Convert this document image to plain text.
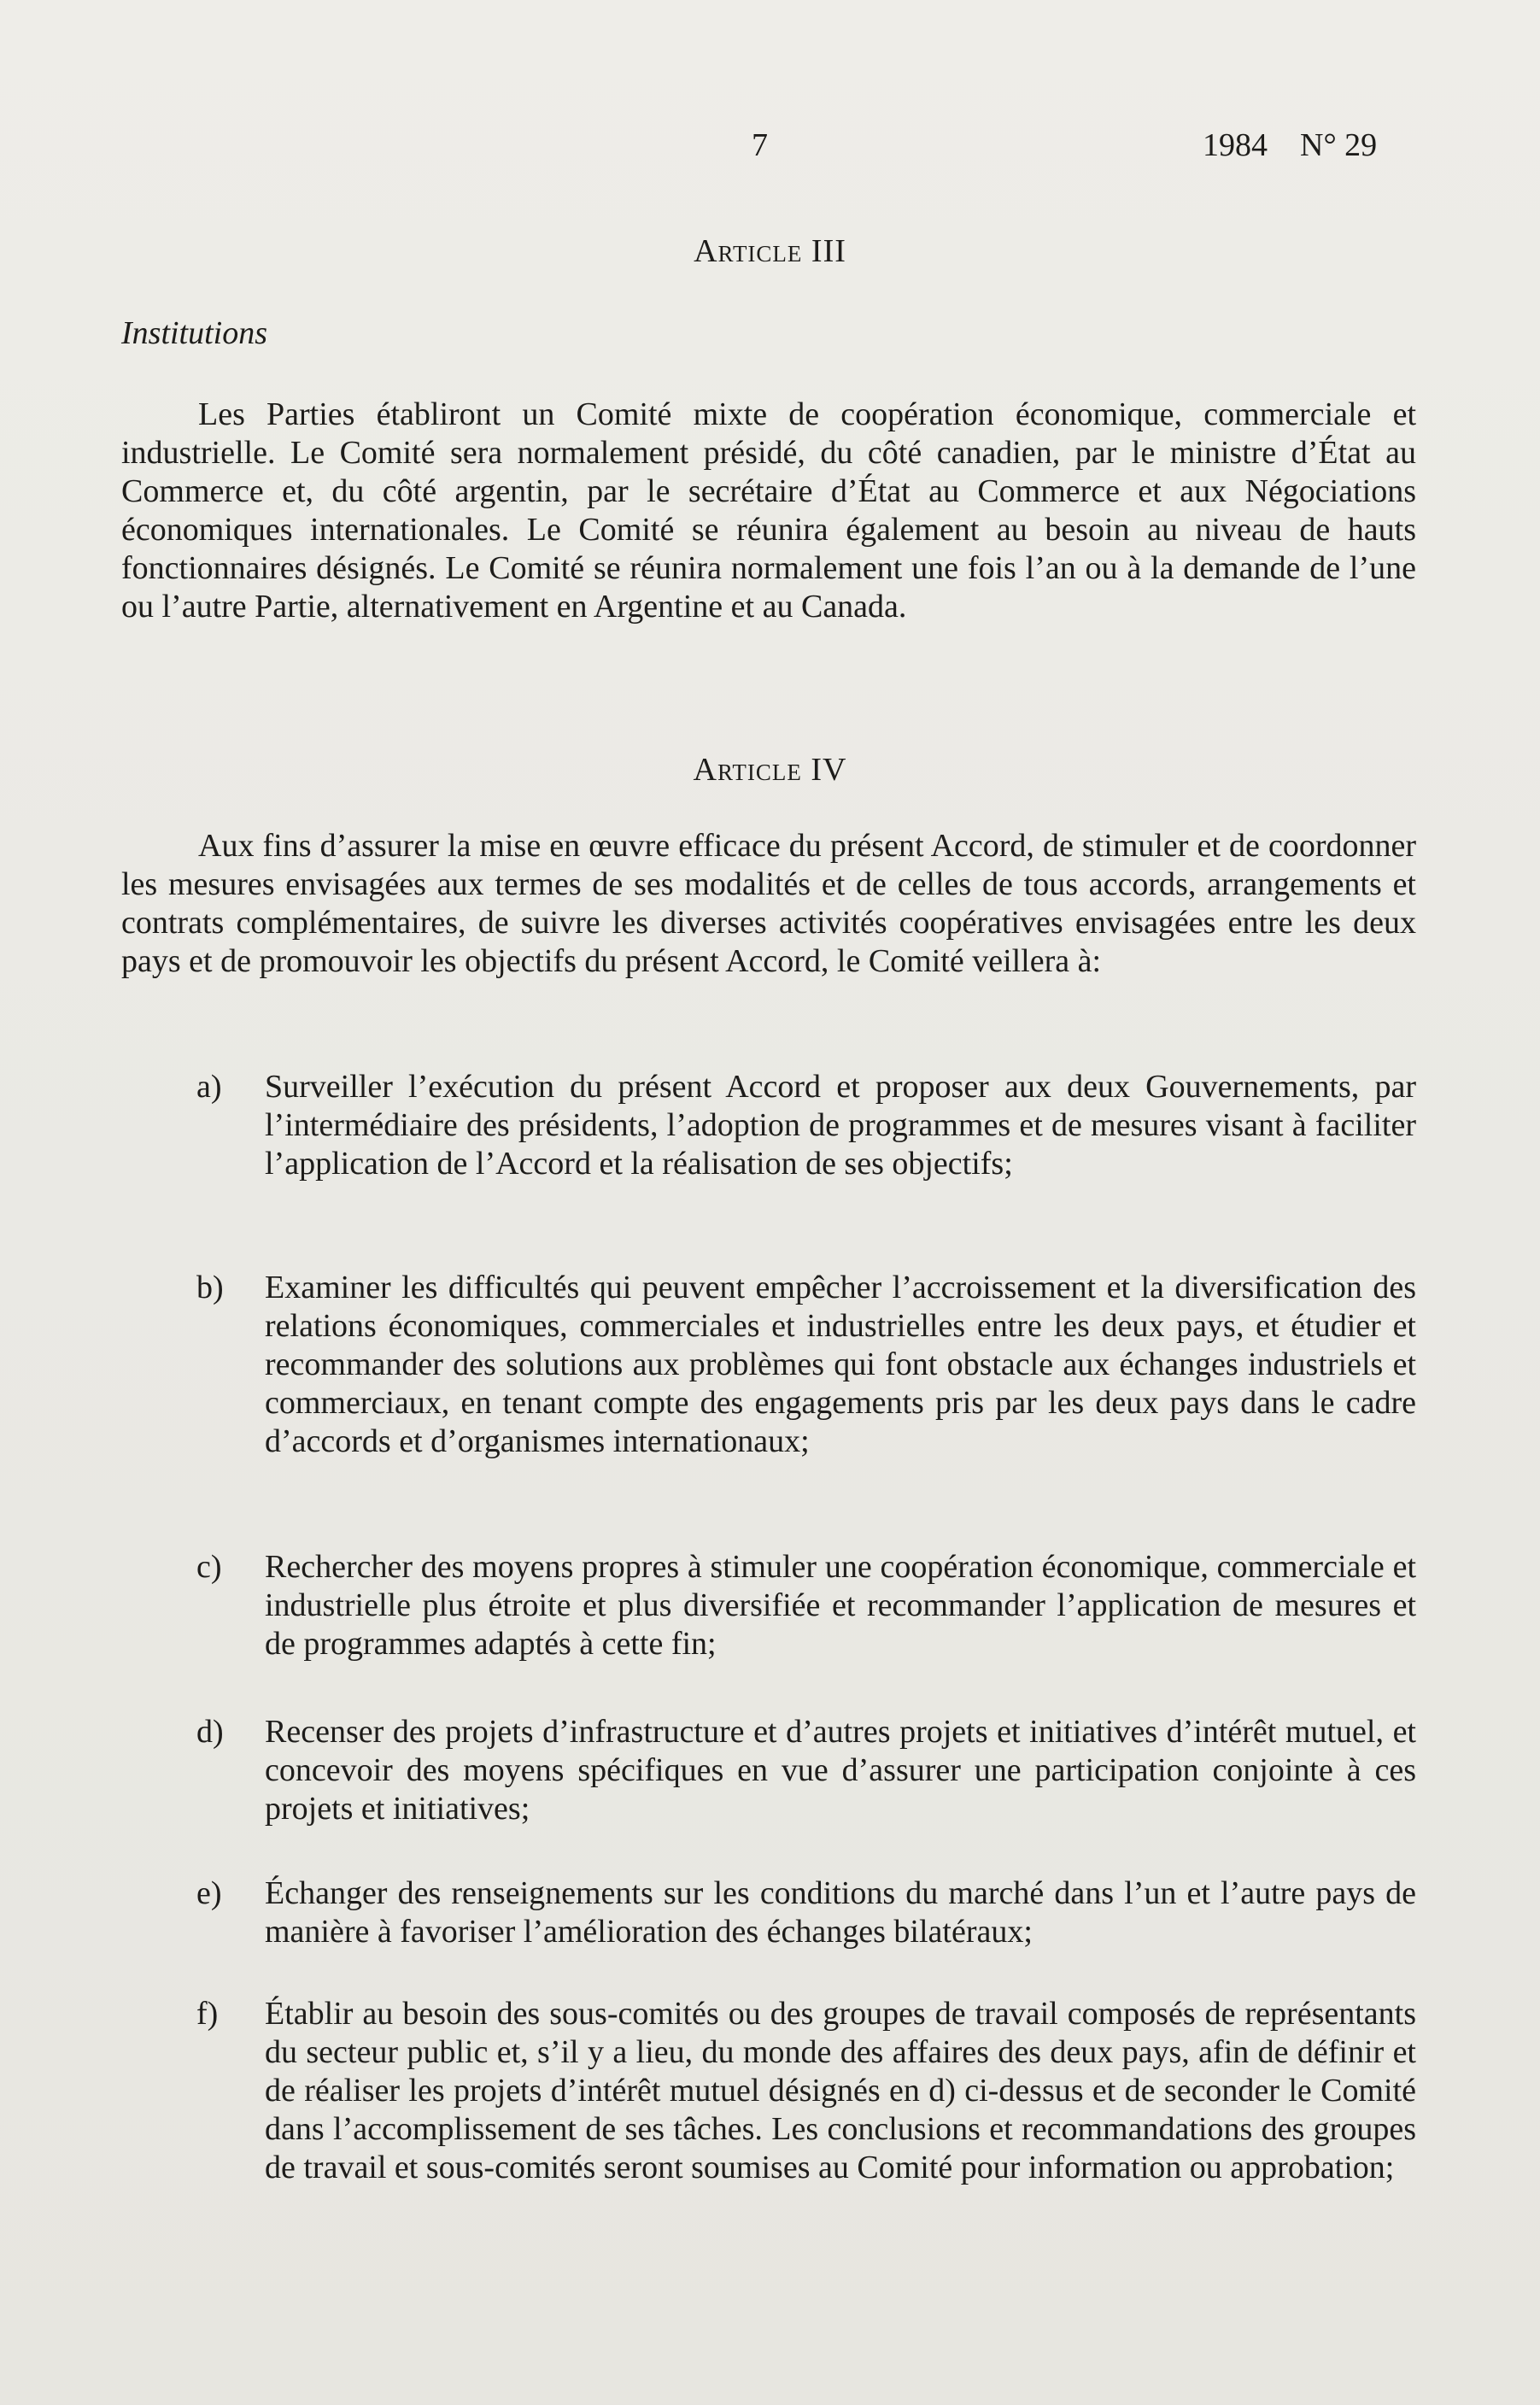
7	1984    N° 29
Article III
Institutions

Les Parties établiront un Comité mixte de coopération économique, commerciale et industrielle. Le Comité sera normalement présidé, du côté canadien, par le ministre d’État au Commerce et, du côté argentin, par le secrétaire d’État au Commerce et aux Négociations économiques internationales. Le Comité se réunira également au besoin au niveau de hauts fonctionnaires désignés. Le Comité se réunira normalement une fois l’an ou à la demande de l’une ou l’autre Partie, alternativement en Argentine et au Canada.

Article IV

Aux fins d’assurer la mise en œuvre efficace du présent Accord, de stimuler et de coordonner les mesures envisagées aux termes de ses modalités et de celles de tous accords, arrangements et contrats complémentaires, de suivre les diverses activités coopératives envisagées entre les deux pays et de promouvoir les objectifs du présent Accord, le Comité veillera à:

a) Surveiller l’exécution du présent Accord et proposer aux deux Gouvernements, par l’intermédiaire des présidents, l’adoption de programmes et de mesures visant à faciliter l’application de l’Accord et la réalisation de ses objectifs;
b) Examiner les difficultés qui peuvent empêcher l’accroissement et la diversification des relations économiques, commerciales et industrielles entre les deux pays, et étudier et recommander des solutions aux problèmes qui font obstacle aux échanges industriels et commerciaux, en tenant compte des engagements pris par les deux pays dans le cadre d’accords et d’organismes internationaux;
c) Rechercher des moyens propres à stimuler une coopération économique, commerciale et industrielle plus étroite et plus diversifiée et recommander l’application de mesures et de programmes adaptés à cette fin;
d) Recenser des projets d’infrastructure et d’autres projets et initiatives d’intérêt mutuel, et concevoir des moyens spécifiques en vue d’assurer une participation conjointe à ces projets et initiatives;
e) Échanger des renseignements sur les conditions du marché dans l’un et l’autre pays de manière à favoriser l’amélioration des échanges bilatéraux;
f) Établir au besoin des sous-comités ou des groupes de travail composés de représentants du secteur public et, s’il y a lieu, du monde des affaires des deux pays, afin de définir et de réaliser les projets d’intérêt mutuel désignés en d) ci-dessus et de seconder le Comité dans l’accomplissement de ses tâches. Les conclusions et recommandations des groupes de travail et sous-comités seront soumises au Comité pour information ou approbation;
